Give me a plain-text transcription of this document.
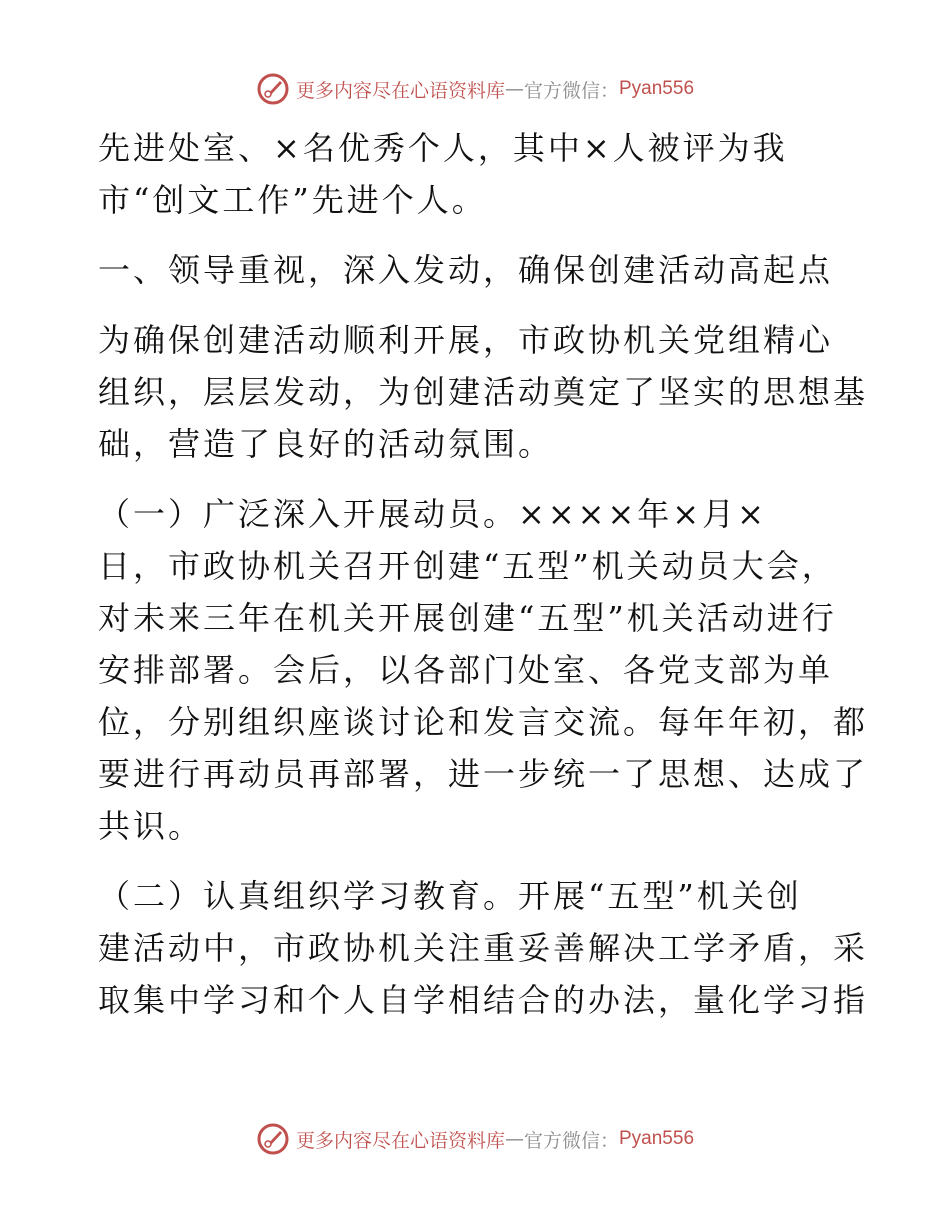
更多内容尽在心语资料库 — 官方微信： Pyan556

先进处室、×名优秀个人，其中×人被评为我

市“创文工作”先进个人。

一、领导重视，深入发动，确保创建活动高起点

为确保创建活动顺利开展，市政协机关党组精心

组织，层层发动，为创建活动奠定了坚实的思想基

础，营造了良好的活动氛围。

（一）广泛深入开展动员。××××年×月×

日，市政协机关召开创建“五型”机关动员大会，

对未来三年在机关开展创建“五型”机关活动进行

安排部署。会后，以各部门处室、各党支部为单

位，分别组织座谈讨论和发言交流。每年年初，都

要进行再动员再部署，进一步统一了思想、达成了

共识。

（二）认真组织学习教育。开展“五型”机关创

建活动中，市政协机关注重妥善解决工学矛盾，采

取集中学习和个人自学相结合的办法，量化学习指

更多内容尽在心语资料库 — 官方微信： Pyan556
